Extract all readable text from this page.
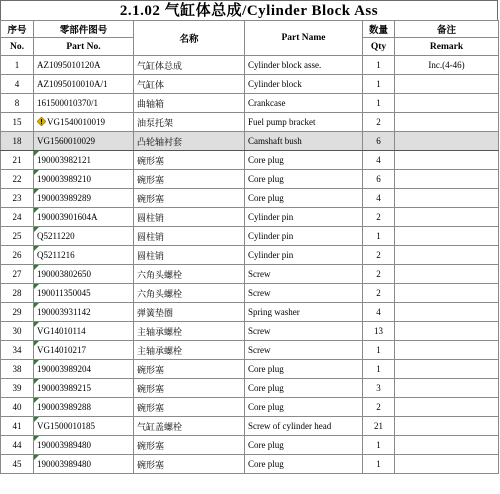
2.1.02 气缸体总成/Cylinder Block Ass
序号	零部件图号	名称	Part Name	数量	备注
No.	Part No.			Qty	Remark
1	AZ1095010120A	气缸体总成	Cylinder block asse.	1	Inc.(4-46)
4	AZ1095010010A/1	气缸体	Cylinder block	1	
8	161500010370/1	曲轴箱	Crankcase	1	
15	VG1540010019	油泵托架	Fuel pump bracket	2	
18	VG1560010029	凸轮轴衬套	Camshaft bush	6	
21	190003982121	碗形塞	Core plug	4	
22	190003989210	碗形塞	Core plug	6	
23	190003989289	碗形塞	Core plug	4	
24	190003901604A	圆柱销	Cylinder pin	2	
25	Q5211220	圆柱销	Cylinder pin	1	
26	Q5211216	圆柱销	Cylinder pin	2	
27	190003802650	六角头螺栓	Screw	2	
28	190011350045	六角头螺栓	Screw	2	
29	190003931142	弹簧垫圈	Spring washer	4	
30	VG14010114	主轴承螺栓	Screw	13	
34	VG14010217	主轴承螺栓	Screw	1	
38	190003989204	碗形塞	Core plug	1	
39	190003989215	碗形塞	Core plug	3	
40	190003989288	碗形塞	Core plug	2	
41	VG1500010185	气缸盖螺栓	Screw of cylinder head	21	
44	190003989480	碗形塞	Core plug	1	
45	190003989480	碗形塞	Core plug	1	
